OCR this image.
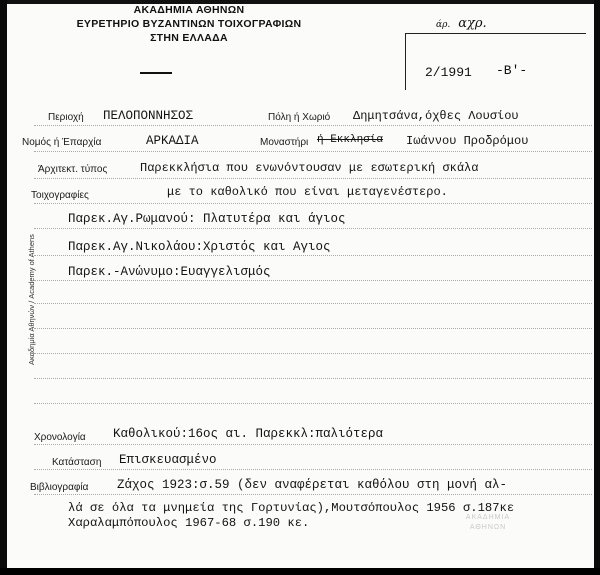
ΑΚΑΔΗΜΙΑ ΑΘΗΝΩΝ
ΕΥΡΕΤΗΡΙΟ ΒΥΖΑΝΤΙΝΩΝ ΤΟΙΧΟΓΡΑΦΙΩΝ
ΣΤΗΝ ΕΛΛΑΔΑ
Ακαδημία Αθηνών / Academy of Athens
άρ. αχρ.
2/1991 -Β'-
Περιοχή ΠΕΛΟΠΟΝΝΗΣΟΣ	Πόλη ή Χωριό Δημητσάνα,όχθες Λουσίου
Νομός ή Έπαρχία	ΑΡΚΑΔΙΑ	Μοναστήρι ή Εκκλησία Ιωάννου Προδρόμου
Άρχιτεκτ. τύπος	Παρεκκλήσια που ενωνόντουσαν με εσωτερική σκάλα
Τοιχογραφίες	με το καθολικό που είναι μεταγενέστερο.
Παρεκ.Αγ.Ρωμανού: Πλατυτέρα και άγιος
Παρεκ.Αγ.Νικολάου:Χριστός και Αγιος
Παρεκ.-Ανώνυμο:Ευαγγελισμός
Χρονολογία Καθολικού:16ος αι. Παρεκκλ:παλιότερα
Κατάσταση Επισκευασμένο
Βιβλιογραφία Ζάχος 1923:σ.59 (δεν αναφέρεται καθόλου στη μονή αλ-
λά σε όλα τα μνημεία της Γορτυνίας),Μουτσόπουλος 1956 σ.187κε
Χαραλαμπόπουλος 1967-68 σ.190 κε.	ΑΚΑΔΗΜΙΑ
ΑΘΗΝΩΝ
